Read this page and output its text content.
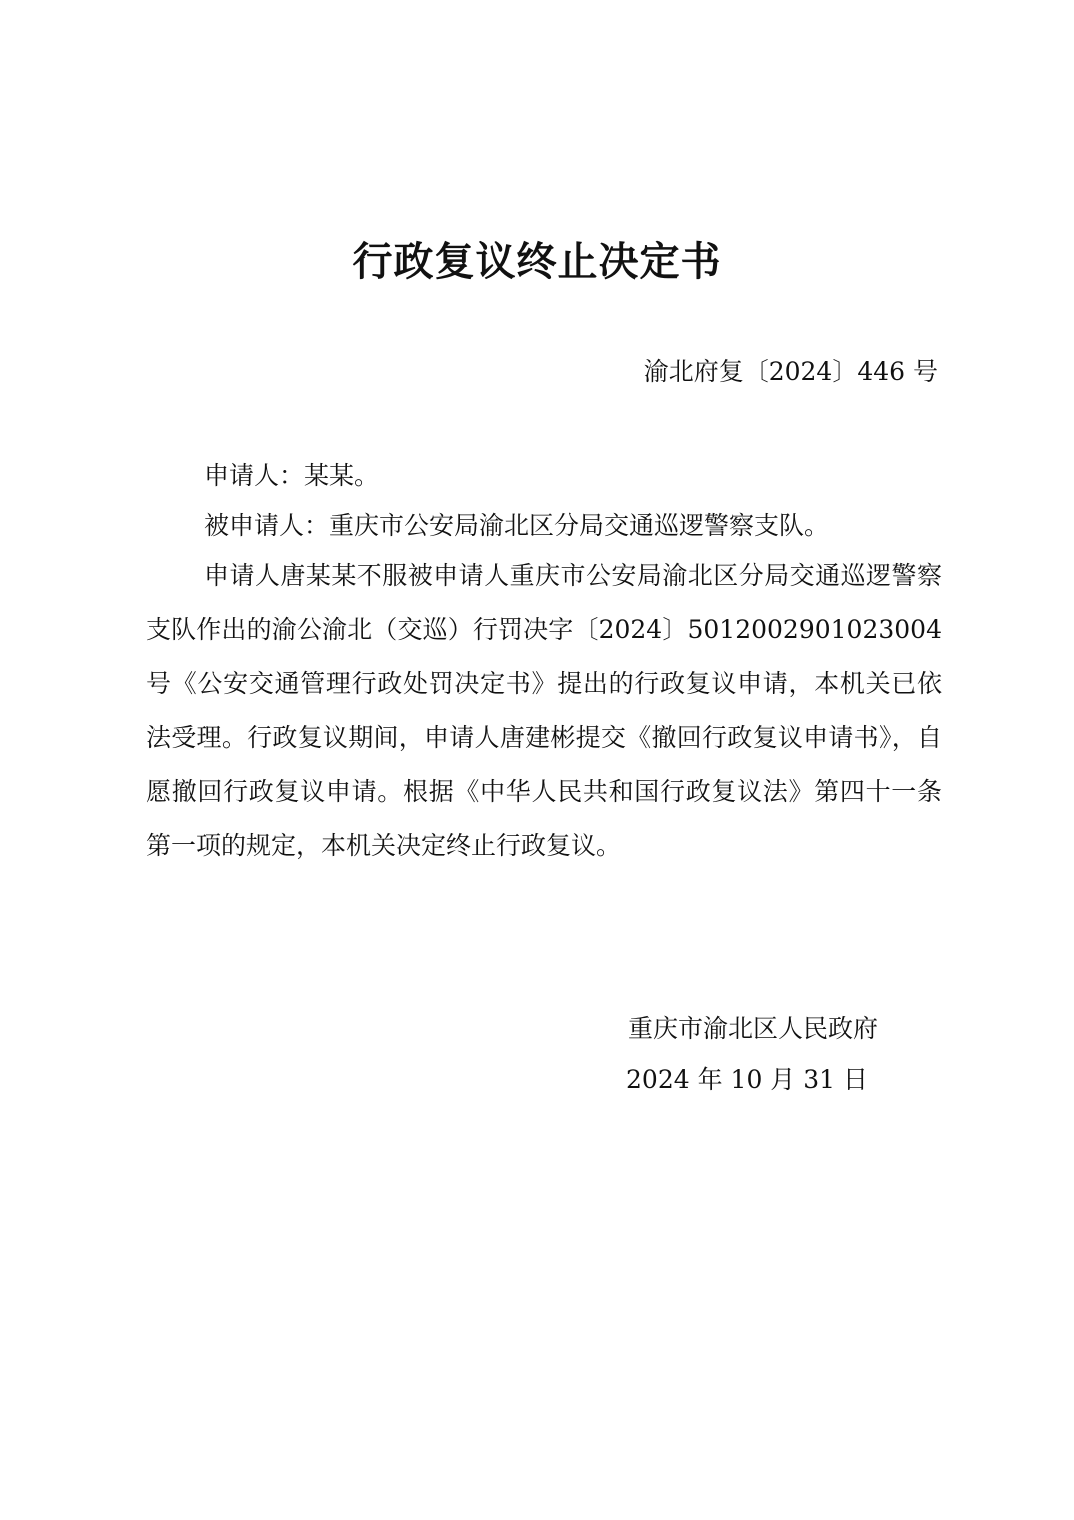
行政复议终止决定书
渝北府复〔2024〕446 号

申请人：某某。

被申请人：重庆市公安局渝北区分局交通巡逻警察支队。

申请人唐某某不服被申请人重庆市公安局渝北区分局交通巡逻警察支队作出的渝公渝北（交巡）行罚决字〔2024〕5012002901023004 号《公安交通管理行政处罚决定书》提出的行政复议申请，本机关已依法受理。行政复议期间，申请人唐建彬提交《撤回行政复议申请书》，自愿撤回行政复议申请。根据《中华人民共和国行政复议法》第四十一条第一项的规定，本机关决定终止行政复议。

重庆市渝北区人民政府
2024 年 10 月 31 日
